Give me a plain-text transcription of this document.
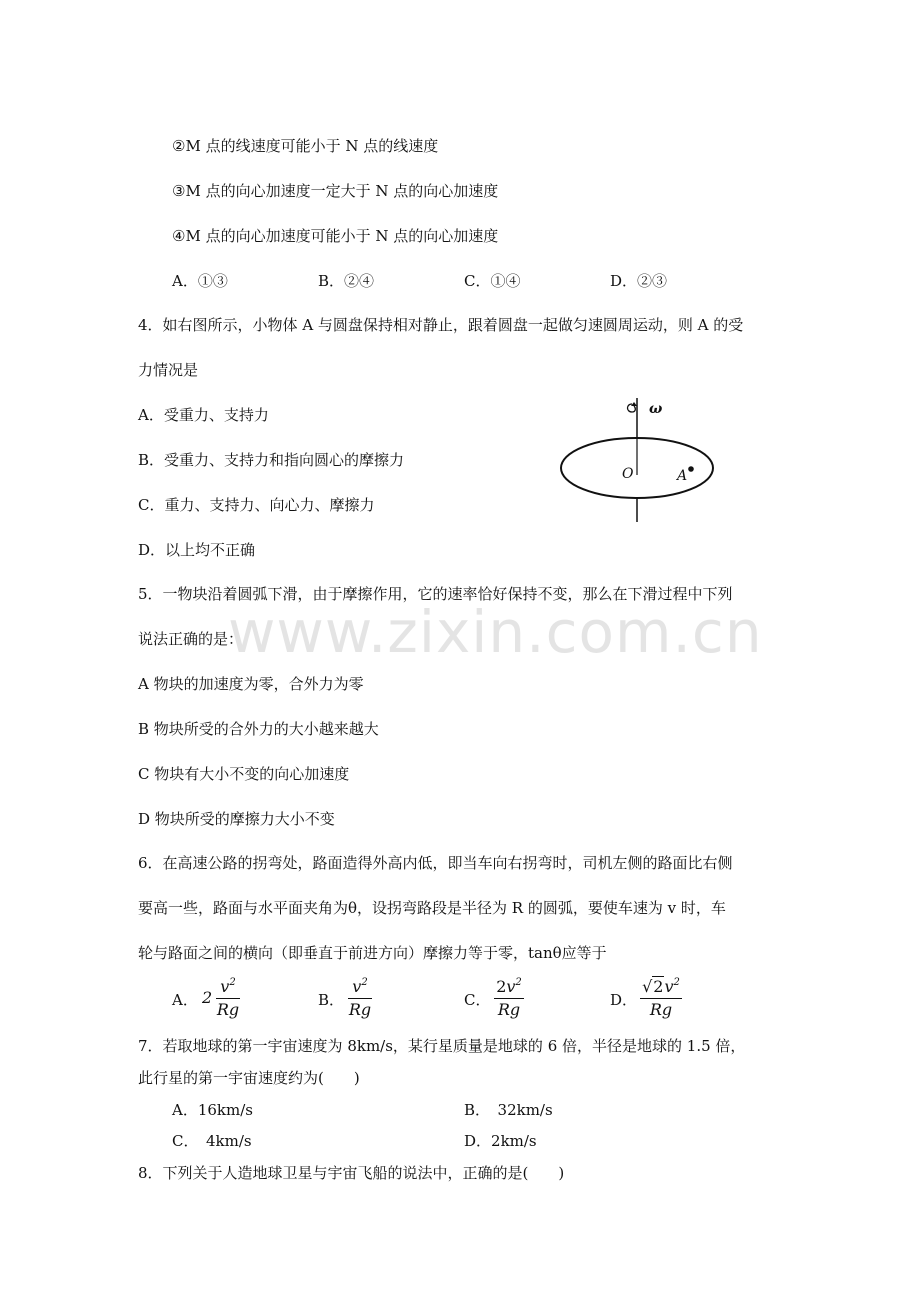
www.zixin.com.cn
②M 点的线速度可能小于 N 点的线速度
③M 点的向心加速度一定大于 N 点的向心加速度
④M 点的向心加速度可能小于 N 点的向心加速度
A．①③	B．②④	C．①④	D．②③
4．如右图所示，小物体 A 与圆盘保持相对静止，跟着圆盘一起做匀速圆周运动，则 A 的受
力情况是
A．受重力、支持力
B．受重力、支持力和指向圆心的摩擦力
C．重力、支持力、向心力、摩擦力
D．以上均不正确
ω
O	A
5．一物块沿着圆弧下滑，由于摩擦作用，它的速率恰好保持不变，那么在下滑过程中下列
说法正确的是：
A 物块的加速度为零，合外力为零
B 物块所受的合外力的大小越来越大
C 物块有大小不变的向心加速度
D 物块所受的摩擦力大小不变
6．在高速公路的拐弯处，路面造得外高内低，即当车向右拐弯时，司机左侧的路面比右侧
要高一些，路面与水平面夹角为θ，设拐弯路段是半径为 R 的圆弧，要使车速为 v 时，车
轮与路面之间的横向（即垂直于前进方向）摩擦力等于零，tanθ应等于
A． 2
$v^2$
Rg	B．
$v^2$
Rg	C．
$2v^2$
Rg	D．
$√2v^2$
Rg
7．若取地球的第一宇宙速度为 8km/s，某行星质量是地球的 6 倍，半径是地球的 1.5 倍，
此行星的第一宇宙速度约为(　　)
A．16km/s	B．　32km/s
C．　4km/s	D．2km/s
8．下列关于人造地球卫星与宇宙飞船的说法中，正确的是(　　)
